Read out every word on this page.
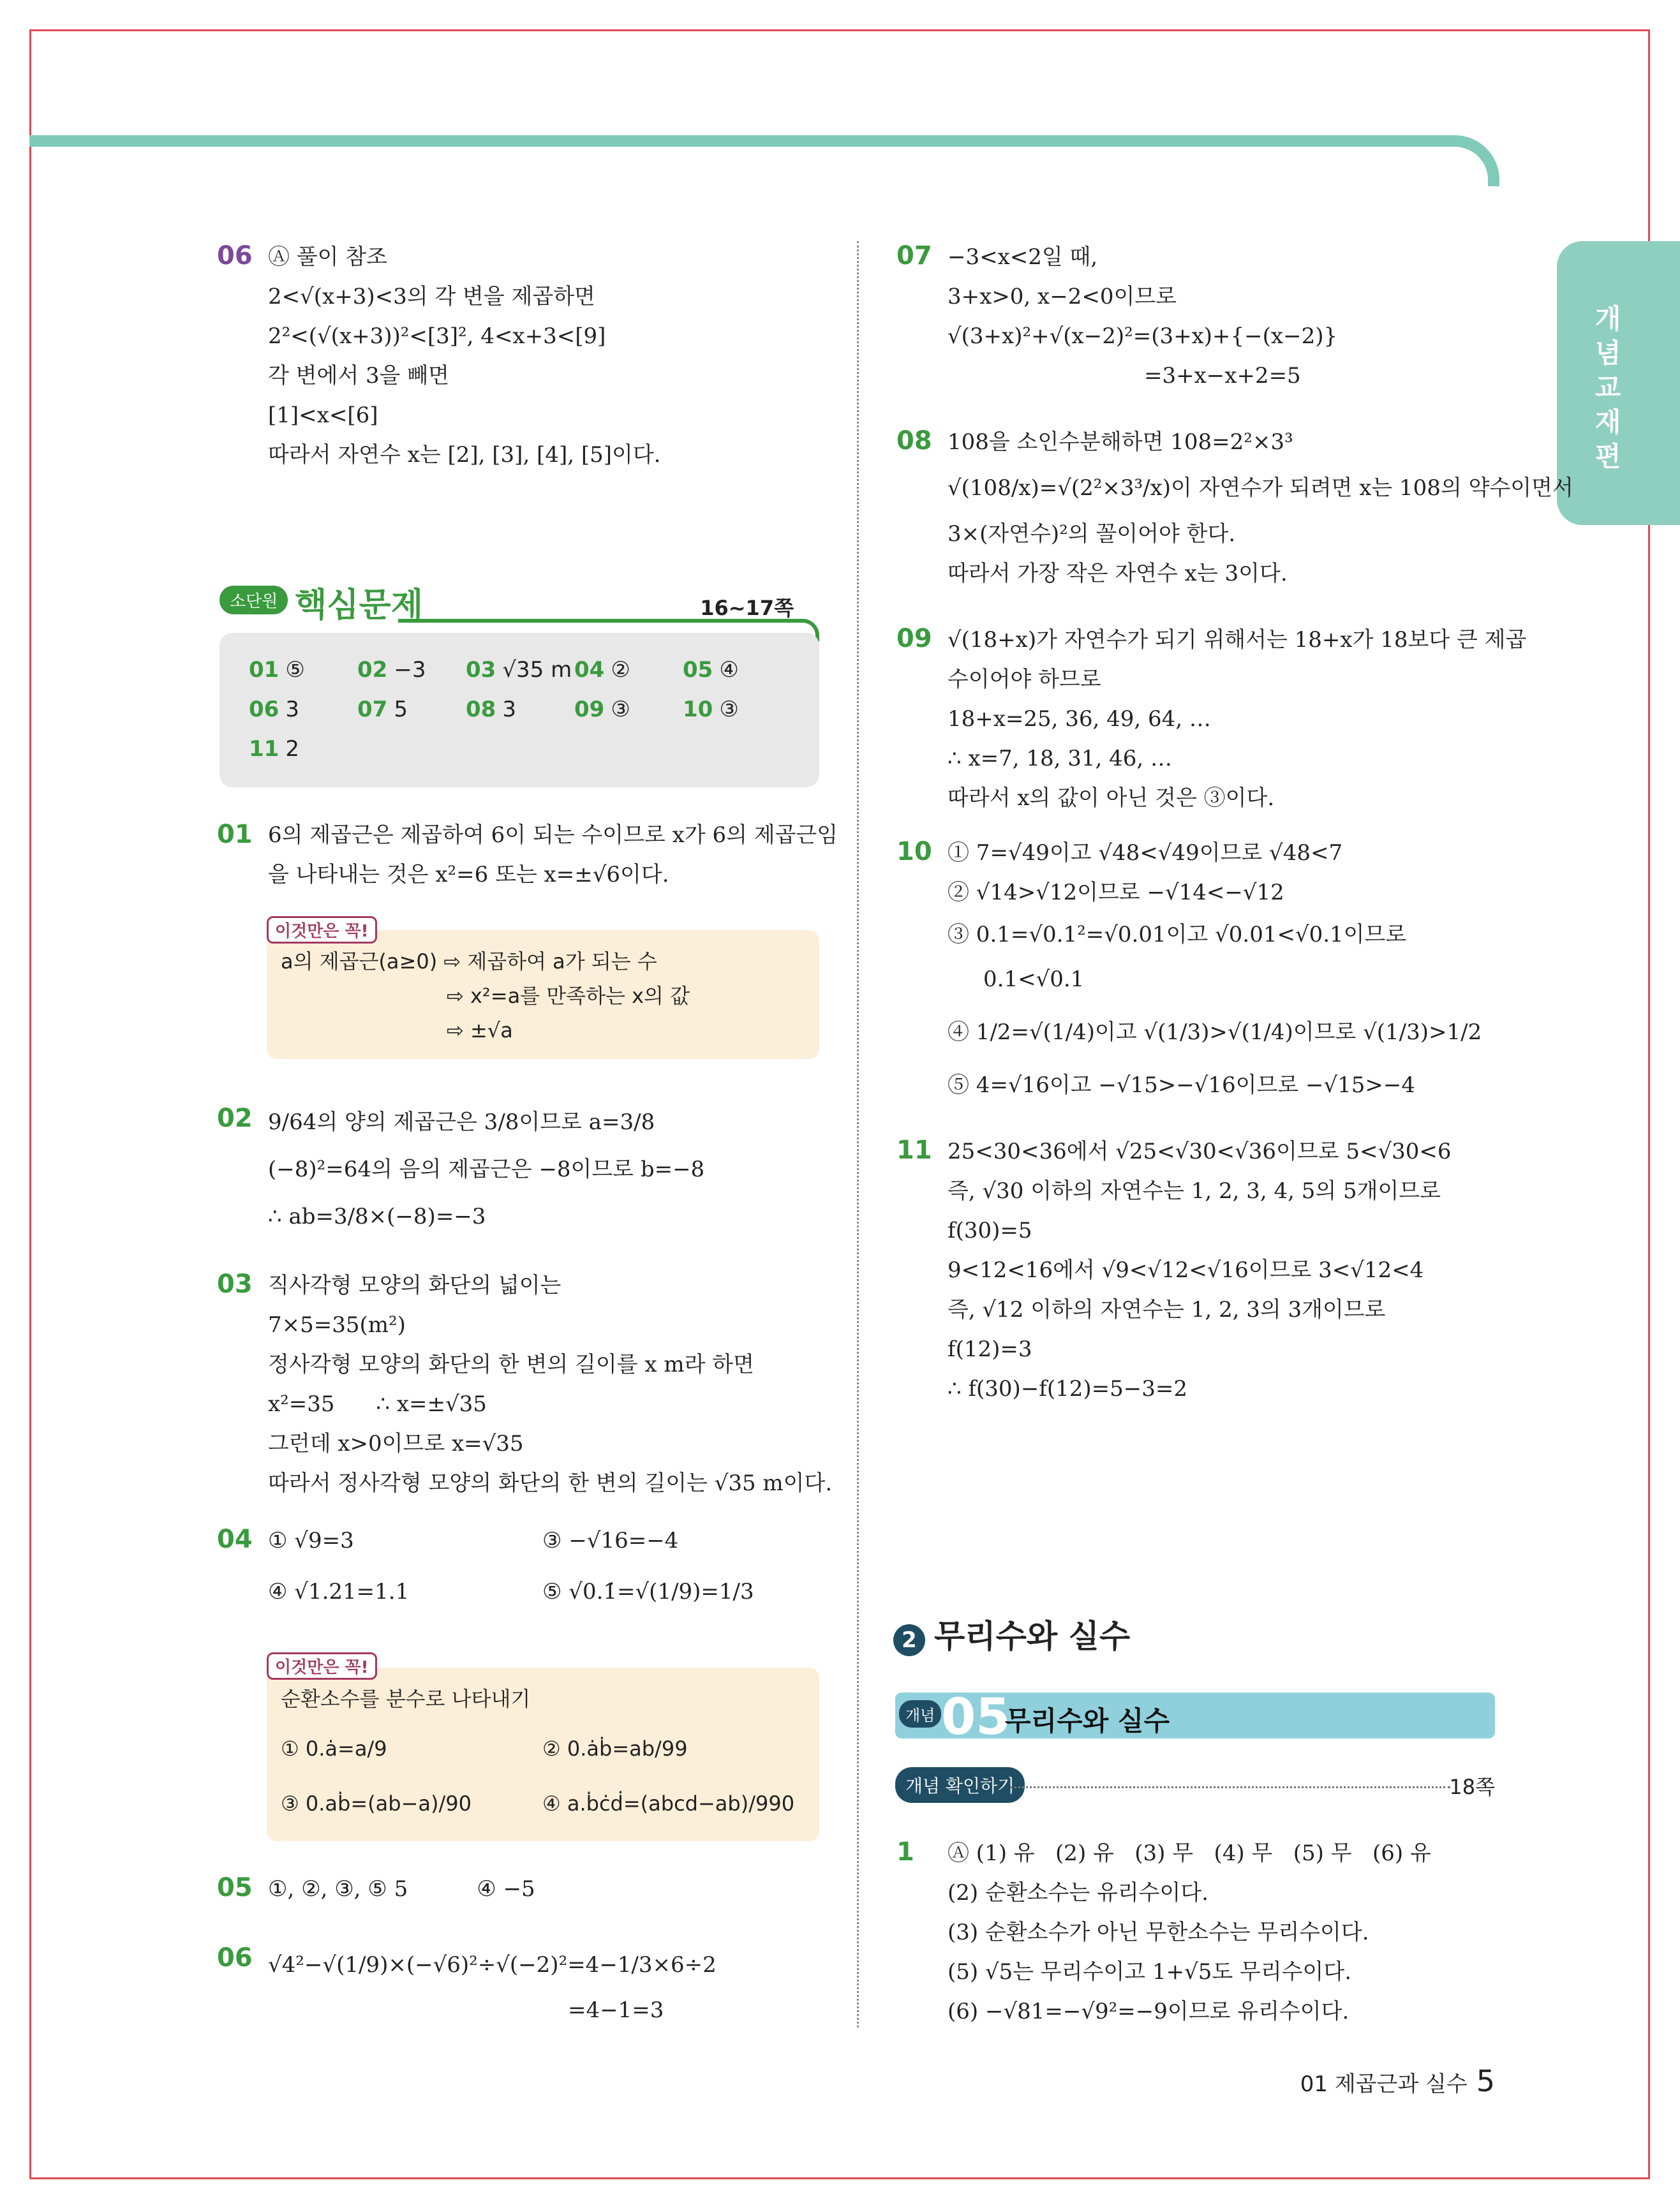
개념교재편
06 Ⓐ 풀이 참조
2<√(x+3)<3의 각 변을 제곱하면
2²<(√(x+3))²<[3]², 4<x+3<[9]
각 변에서 3을 빼면
[1]<x<[6]
따라서 자연수 x는 [2], [3], [4], [5]이다.
소단원 핵심문제	16~17쪽
01 ⑤ 02 −3 03 √35 m 04 ② 05 ④
06 3	07 5	08 3	09 ③ 10 ③
11 2
01 6의 제곱근은 제곱하여 6이 되는 수이므로 x가 6의 제곱근임
을 나타내는 것은 x²=6 또는 x=±√6이다.
이것만은 꼭!
a의 제곱근(a≥0) ⇨ 제곱하여 a가 되는 수
⇨ x²=a를 만족하는 x의 값
⇨ ±√a
02 9/64의 양의 제곱근은 3/8이므로 a=3/8
(−8)²=64의 음의 제곱근은 −8이므로 b=−8
∴ ab=3/8×(−8)=−3
03 직사각형 모양의 화단의 넓이는
7×5=35(m²)
정사각형 모양의 화단의 한 변의 길이를 x m라 하면
x²=35      ∴ x=±√35
그런데 x>0이므로 x=√35
따라서 정사각형 모양의 화단의 한 변의 길이는 √35 m이다.
04 ① √9=3	③ −√16=−4
④ √1.21=1.1	⑤ √0.1̇=√(1/9)=1/3
이것만은 꼭!
순환소수를 분수로 나타내기
① 0.ȧ=a/9	② 0.ȧḃ=ab/99
③ 0.aḃ=(ab−a)/90	④ a.ḃċḋ=(abcd−ab)/990
05 ①, ②, ③, ⑤ 5          ④ −5
06 √4²−√(1/9)×(−√6)²÷√(−2)²=4−1/3×6÷2
=4−1=3
07 −3<x<2일 때,
3+x>0, x−2<0이므로
√(3+x)²+√(x−2)²=(3+x)+{−(x−2)}
=3+x−x+2=5
08 108을 소인수분해하면 108=2²×3³
√(108/x)=√(2²×3³/x)이 자연수가 되려면 x는 108의 약수이면서
3×(자연수)²의 꼴이어야 한다.
따라서 가장 작은 자연수 x는 3이다.
09 √(18+x)가 자연수가 되기 위해서는 18+x가 18보다 큰 제곱
수이어야 하므로
18+x=25, 36, 49, 64, …
∴ x=7, 18, 31, 46, …
따라서 x의 값이 아닌 것은 ③이다.
10 ① 7=√49이고 √48<√49이므로 √48<7
② √14>√12이므로 −√14<−√12
③ 0.1=√0.1²=√0.01이고 √0.01<√0.1이므로
0.1<√0.1
④ 1/2=√(1/4)이고 √(1/3)>√(1/4)이므로 √(1/3)>1/2
⑤ 4=√16이고 −√15>−√16이므로 −√15>−4
11 25<30<36에서 √25<√30<√36이므로 5<√30<6
즉, √30 이하의 자연수는 1, 2, 3, 4, 5의 5개이므로
f(30)=5
9<12<16에서 √9<√12<√16이므로 3<√12<4
즉, √12 이하의 자연수는 1, 2, 3의 3개이므로
f(12)=3
∴ f(30)−f(12)=5−3=2
2 무리수와 실수
개념 05
무리수와 실수
개념 확인하기	18쪽
1 Ⓐ (1) 유   (2) 유   (3) 무   (4) 무   (5) 무   (6) 유
(2) 순환소수는 유리수이다.
(3) 순환소수가 아닌 무한소수는 무리수이다.
(5) √5는 무리수이고 1+√5도 무리수이다.
(6) −√81=−√9²=−9이므로 유리수이다.
01 제곱근과 실수 5
